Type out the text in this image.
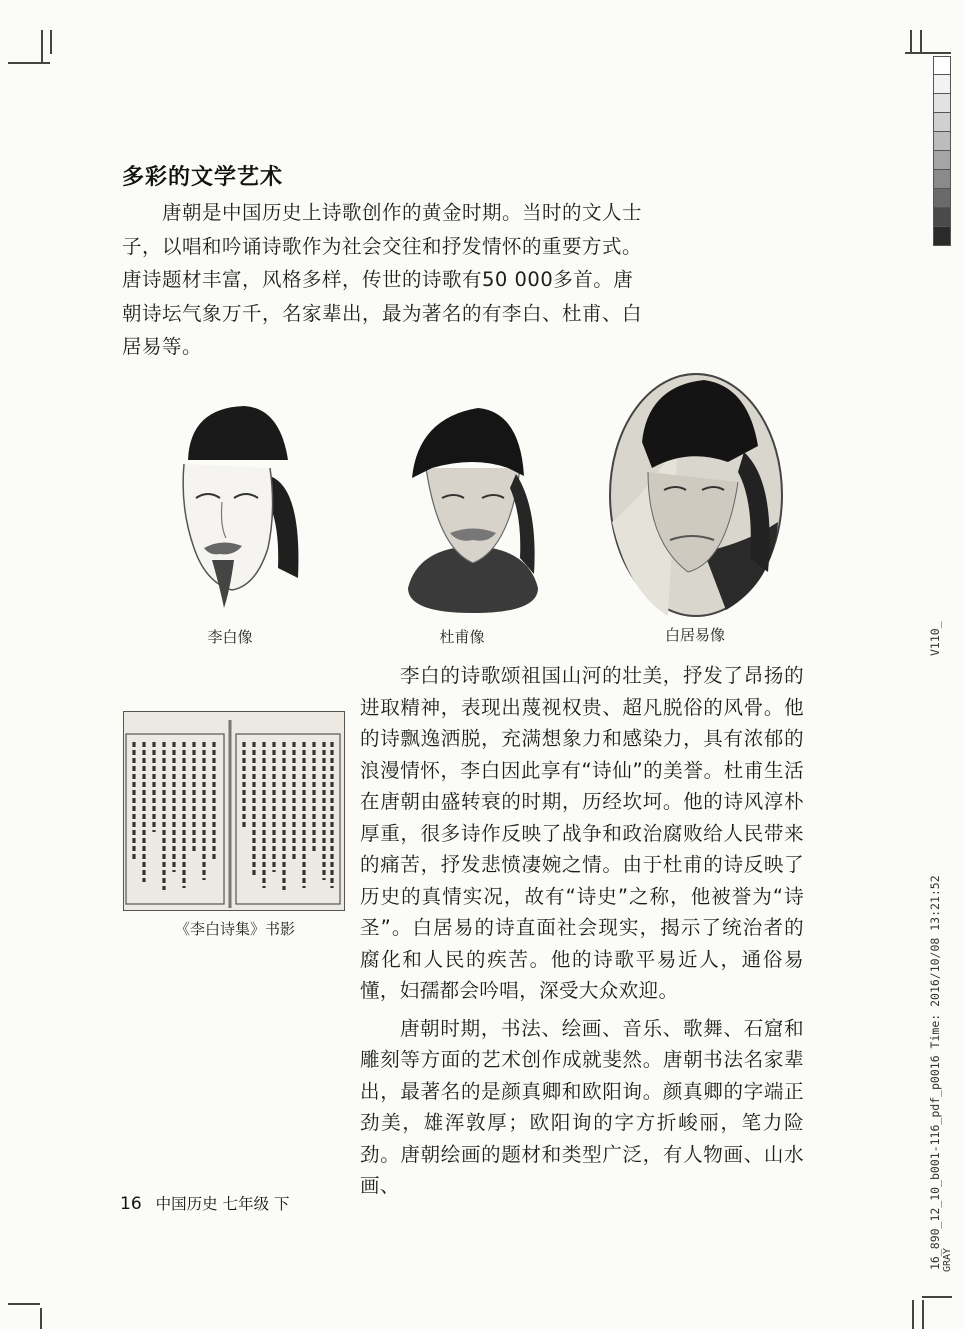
多彩的文学艺术

唐朝是中国历史上诗歌创作的黄金时期。当时的文人士子，以唱和吟诵诗歌作为社会交往和抒发情怀的重要方式。唐诗题材丰富，风格多样，传世的诗歌有50 000多首。唐朝诗坛气象万千，名家辈出，最为著名的有李白、杜甫、白居易等。

李白像	杜甫像	白居易像
《李白诗集》书影

李白的诗歌颂祖国山河的壮美，抒发了昂扬的进取精神，表现出蔑视权贵、超凡脱俗的风骨。他的诗飘逸洒脱，充满想象力和感染力，具有浓郁的浪漫情怀，李白因此享有“诗仙”的美誉。杜甫生活在唐朝由盛转衰的时期，历经坎坷。他的诗风淳朴厚重，很多诗作反映了战争和政治腐败给人民带来的痛苦，抒发悲愤凄婉之情。由于杜甫的诗反映了历史的真情实况，故有“诗史”之称，他被誉为“诗圣”。白居易的诗直面社会现实，揭示了统治者的腐化和人民的疾苦。他的诗歌平易近人，通俗易懂，妇孺都会吟唱，深受大众欢迎。

唐朝时期，书法、绘画、音乐、歌舞、石窟和雕刻等方面的艺术创作成就斐然。唐朝书法名家辈出，最著名的是颜真卿和欧阳询。颜真卿的字端正劲美，雄浑敦厚；欧阳询的字方折峻丽，笔力险劲。唐朝绘画的题材和类型广泛，有人物画、山水画、

16 中国历史 七年级 下
V110_
16_890_12_10_b001-116_pdf_p0016 Time: 2016/10/08 13:21:52 GRAY
